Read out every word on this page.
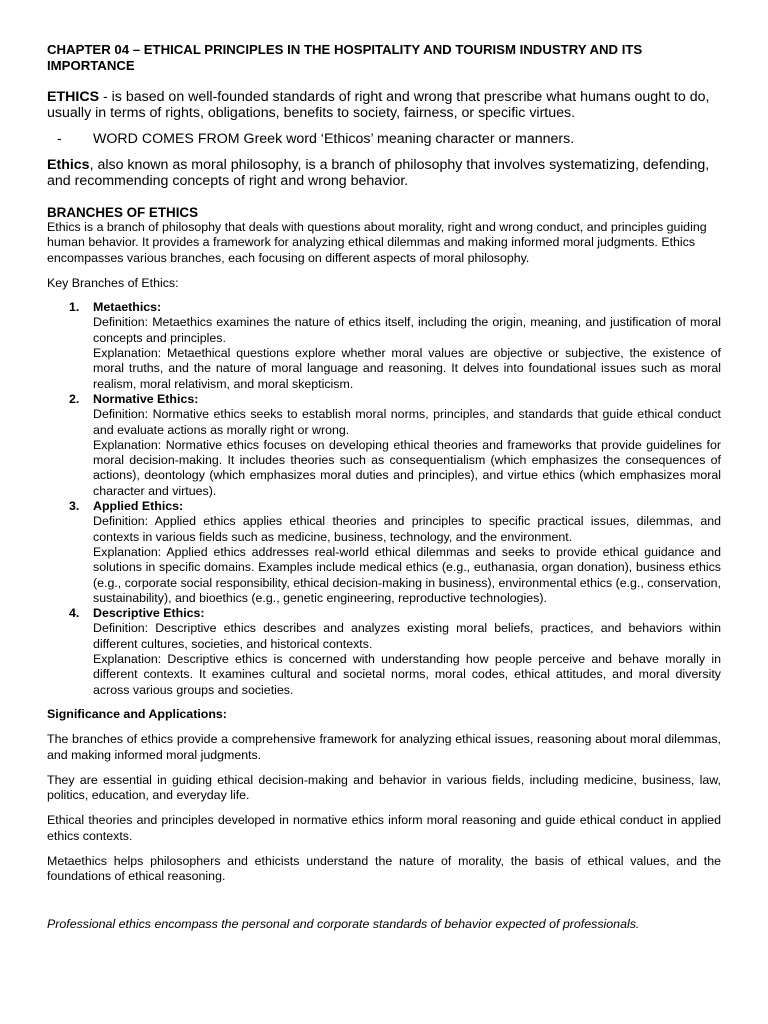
CHAPTER 04 – ETHICAL PRINCIPLES IN THE HOSPITALITY AND TOURISM INDUSTRY AND ITS IMPORTANCE
ETHICS - is based on well-founded standards of right and wrong that prescribe what humans ought to do, usually in terms of rights, obligations, benefits to society, fairness, or specific virtues.
-	WORD COMES FROM Greek word ‘Ethicos’ meaning character or manners.
Ethics, also known as moral philosophy, is a branch of philosophy that involves systematizing, defending, and recommending concepts of right and wrong behavior.
BRANCHES OF ETHICS
Ethics is a branch of philosophy that deals with questions about morality, right and wrong conduct, and principles guiding human behavior. It provides a framework for analyzing ethical dilemmas and making informed moral judgments. Ethics encompasses various branches, each focusing on different aspects of moral philosophy.
Key Branches of Ethics:
1.	Metaethics:
Definition: Metaethics examines the nature of ethics itself, including the origin, meaning, and justification of moral concepts and principles.
Explanation: Metaethical questions explore whether moral values are objective or subjective, the existence of moral truths, and the nature of moral language and reasoning. It delves into foundational issues such as moral realism, moral relativism, and moral skepticism.
2.	Normative Ethics:
Definition: Normative ethics seeks to establish moral norms, principles, and standards that guide ethical conduct and evaluate actions as morally right or wrong.
Explanation: Normative ethics focuses on developing ethical theories and frameworks that provide guidelines for moral decision-making. It includes theories such as consequentialism (which emphasizes the consequences of actions), deontology (which emphasizes moral duties and principles), and virtue ethics (which emphasizes moral character and virtues).
3.	Applied Ethics:
Definition: Applied ethics applies ethical theories and principles to specific practical issues, dilemmas, and contexts in various fields such as medicine, business, technology, and the environment.
Explanation: Applied ethics addresses real-world ethical dilemmas and seeks to provide ethical guidance and solutions in specific domains. Examples include medical ethics (e.g., euthanasia, organ donation), business ethics (e.g., corporate social responsibility, ethical decision-making in business), environmental ethics (e.g., conservation, sustainability), and bioethics (e.g., genetic engineering, reproductive technologies).
4.	Descriptive Ethics:
Definition: Descriptive ethics describes and analyzes existing moral beliefs, practices, and behaviors within different cultures, societies, and historical contexts.
Explanation: Descriptive ethics is concerned with understanding how people perceive and behave morally in different contexts. It examines cultural and societal norms, moral codes, ethical attitudes, and moral diversity across various groups and societies.
Significance and Applications:
The branches of ethics provide a comprehensive framework for analyzing ethical issues, reasoning about moral dilemmas, and making informed moral judgments.
They are essential in guiding ethical decision-making and behavior in various fields, including medicine, business, law, politics, education, and everyday life.
Ethical theories and principles developed in normative ethics inform moral reasoning and guide ethical conduct in applied ethics contexts.
Metaethics helps philosophers and ethicists understand the nature of morality, the basis of ethical values, and the foundations of ethical reasoning.
Professional ethics encompass the personal and corporate standards of behavior expected of professionals.
